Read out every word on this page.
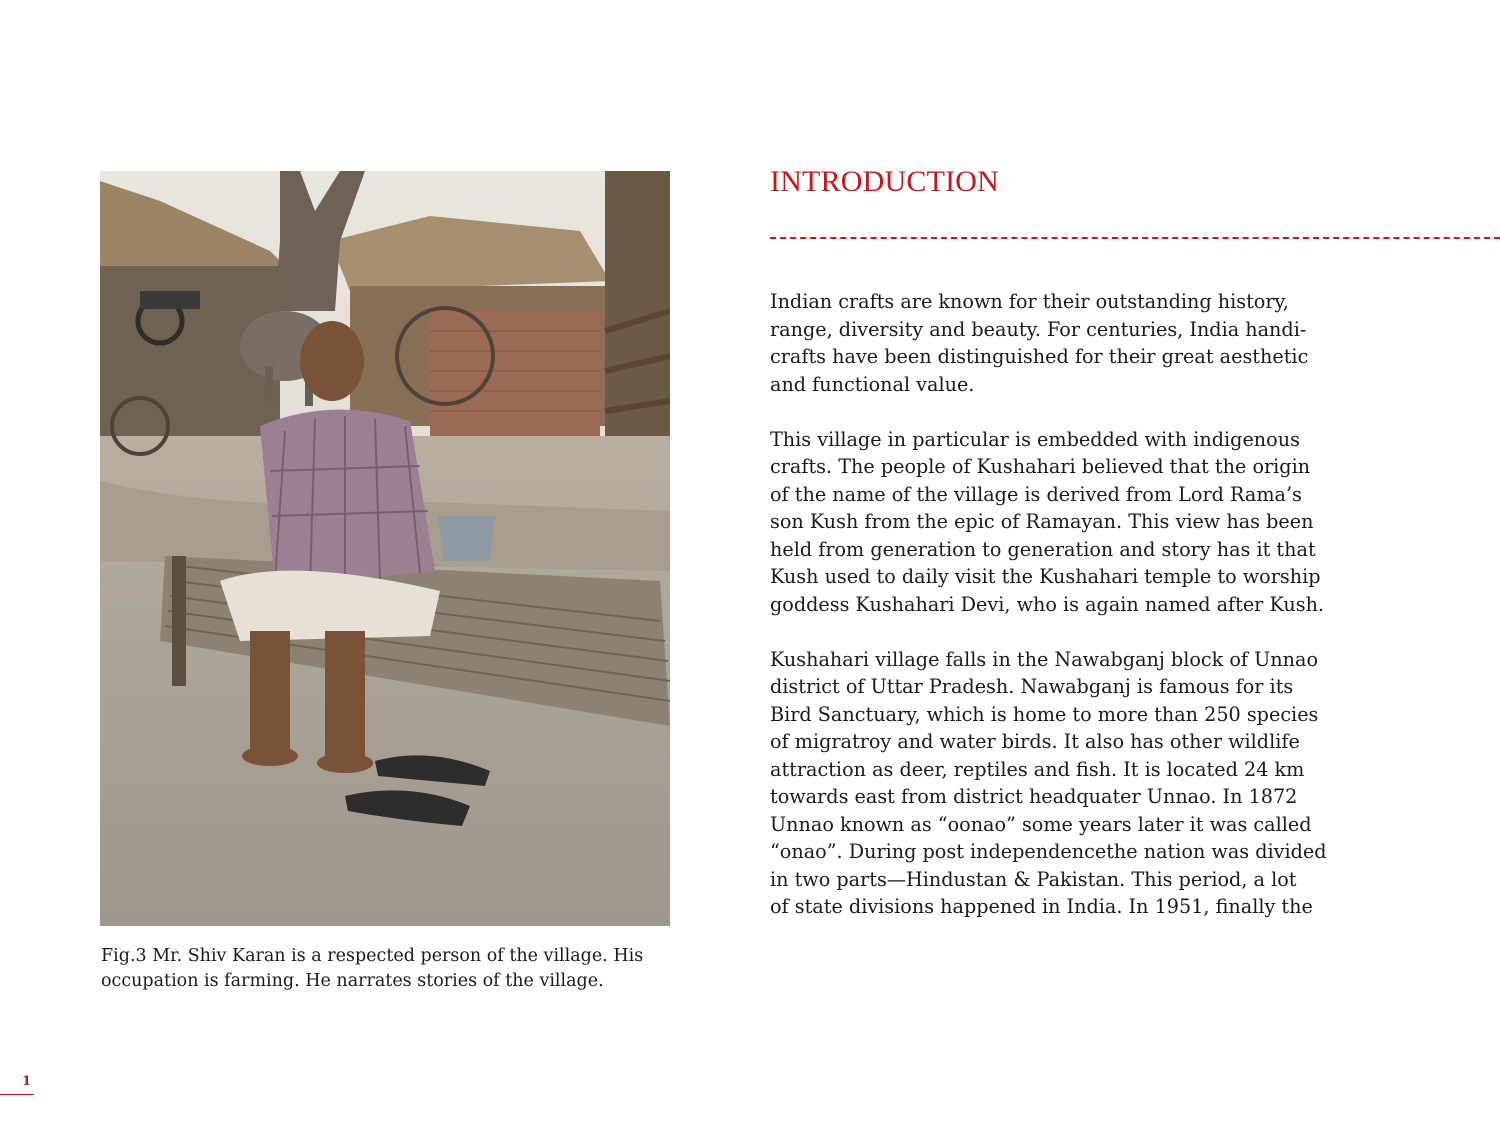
Fig.3 Mr. Shiv Karan is a respected person of the village. His

occupation is farming. He narrates stories of the village.

INTRODUCTION

Indian crafts are known for their outstanding history,
range, diversity and beauty. For centuries, India handi-
crafts have been distinguished for their great aesthetic
and functional value.

This village in particular is embedded with indigenous
crafts. The people of Kushahari believed that the origin
of the name of the village is derived from Lord Rama’s
son Kush from the epic of Ramayan. This view has been
held from generation to generation and story has it that
Kush used to daily visit the Kushahari temple to worship
goddess Kushahari Devi, who is again named after Kush.

Kushahari village falls in the Nawabganj block of Unnao
district of Uttar Pradesh. Nawabganj is famous for its
Bird Sanctuary, which is home to more than 250 species
of migratroy and water birds. It also has other wildlife
attraction as deer, reptiles and fish. It is located 24 km
towards east from district headquater Unnao. In 1872
Unnao known as “oonao” some years later it was called
“onao”. During post independencethe nation was divided
in two parts—Hindustan & Pakistan. This period, a lot
of state divisions happened in India. In 1951, finally the

1
